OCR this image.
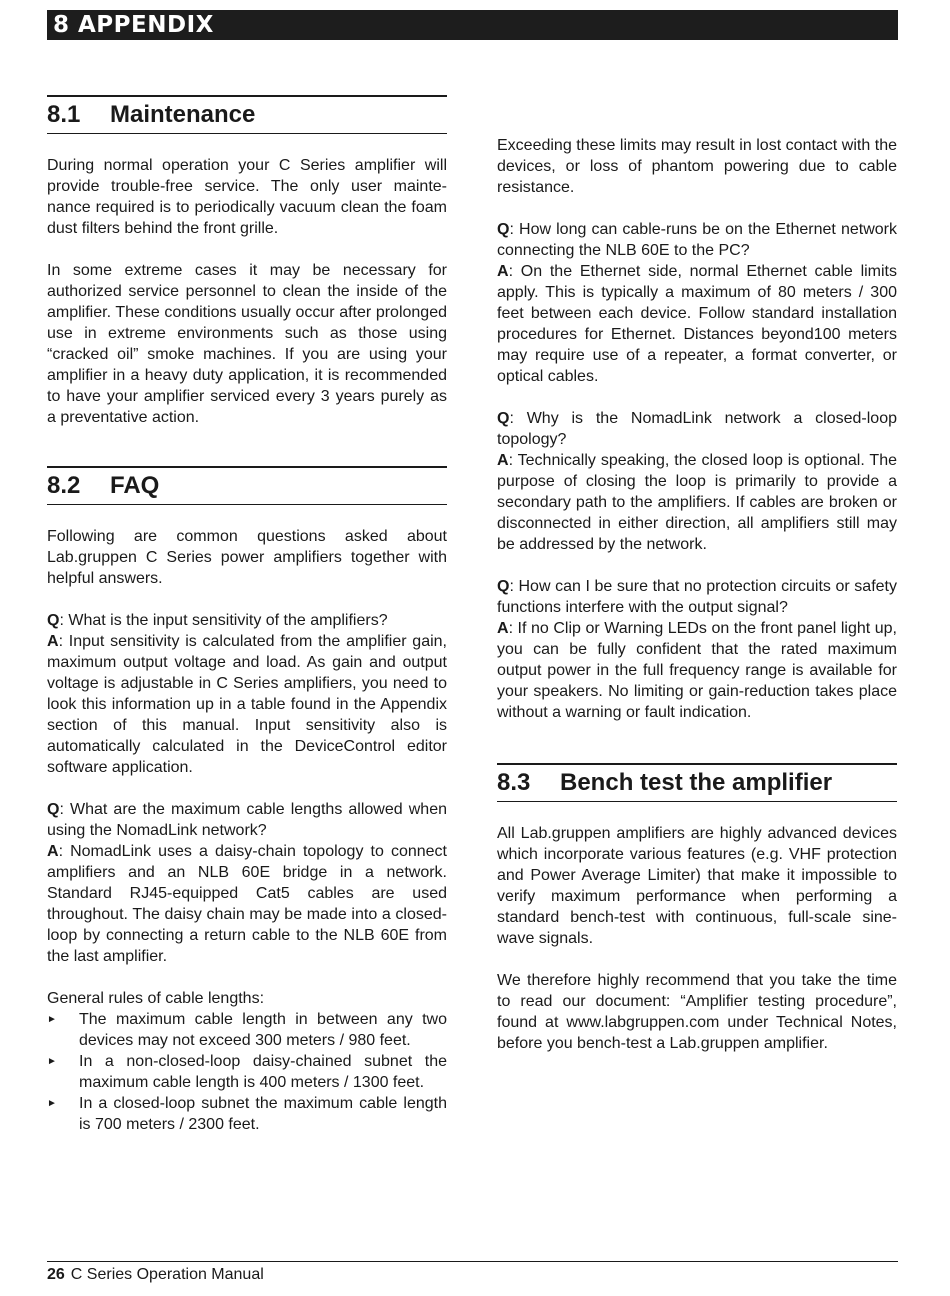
8 APPENDIX
8.1	Maintenance

During normal operation your C Series amplifier will provide trouble-free service. The only user mainte-nance required is to periodically vacuum clean the foam dust filters behind the front grille.

In some extreme cases it may be necessary for authorized service personnel to clean the inside of the amplifier. These conditions usually occur after prolonged use in extreme environments such as those using “cracked oil” smoke machines. If you are using your amplifier in a heavy duty application, it is recommended to have your amplifier serviced every 3 years purely as a preventative action.

8.2	FAQ

Following are common questions asked about Lab.gruppen C Series power amplifiers together with helpful answers.

Q: What is the input sensitivity of the amplifiers?
A: Input sensitivity is calculated from the amplifier gain, maximum output voltage and load. As gain and output voltage is adjustable in C Series amplifiers, you need to look this information up in a table found in the Appendix section of this manual. Input sensitivity also is automatically calculated in the DeviceControl editor software application.

Q: What are the maximum cable lengths allowed when using the NomadLink network?
A: NomadLink uses a daisy-chain topology to connect amplifiers and an NLB 60E bridge in a network. Standard RJ45-equipped Cat5 cables are used throughout. The daisy chain may be made into a closed-loop by connecting a return cable to the NLB 60E from the last amplifier.

General rules of cable lengths:

► The maximum cable length in between any two devices may not exceed 300 meters / 980 feet.
► In a non-closed-loop daisy-chained subnet the maximum cable length is 400 meters / 1300 feet.
► In a closed-loop subnet the maximum cable length is 700 meters / 2300 feet.

Exceeding these limits may result in lost contact with the devices, or loss of phantom powering due to cable resistance.

Q: How long can cable-runs be on the Ethernet network connecting the NLB 60E to the PC?
A: On the Ethernet side, normal Ethernet cable limits apply. This is typically a maximum of 80 meters / 300 feet between each device. Follow standard installation procedures for Ethernet. Distances beyond100 meters may require use of a repeater, a format converter, or optical cables.

Q: Why is the NomadLink network a closed-loop topology?
A: Technically speaking, the closed loop is optional. The purpose of closing the loop is primarily to provide a secondary path to the amplifiers. If cables are broken or disconnected in either direction, all amplifiers still may be addressed by the network.

Q: How can I be sure that no protection circuits or safety functions interfere with the output signal?
A: If no Clip or Warning LEDs on the front panel light up, you can be fully confident that the rated maximum output power in the full frequency range is available for your speakers. No limiting or gain-reduction takes place without a warning or fault indication.

8.3	Bench test the amplifier

All Lab.gruppen amplifiers are highly advanced devices which incorporate various features (e.g. VHF protection and Power Average Limiter) that make it impossible to verify maximum performance when performing a standard bench-test with continuous, full-scale sine-wave signals.

We therefore highly recommend that you take the time to read our document: “Amplifier testing procedure”, found at www.labgruppen.com under Technical Notes, before you bench-test a Lab.gruppen amplifier.

26 C Series Operation Manual
